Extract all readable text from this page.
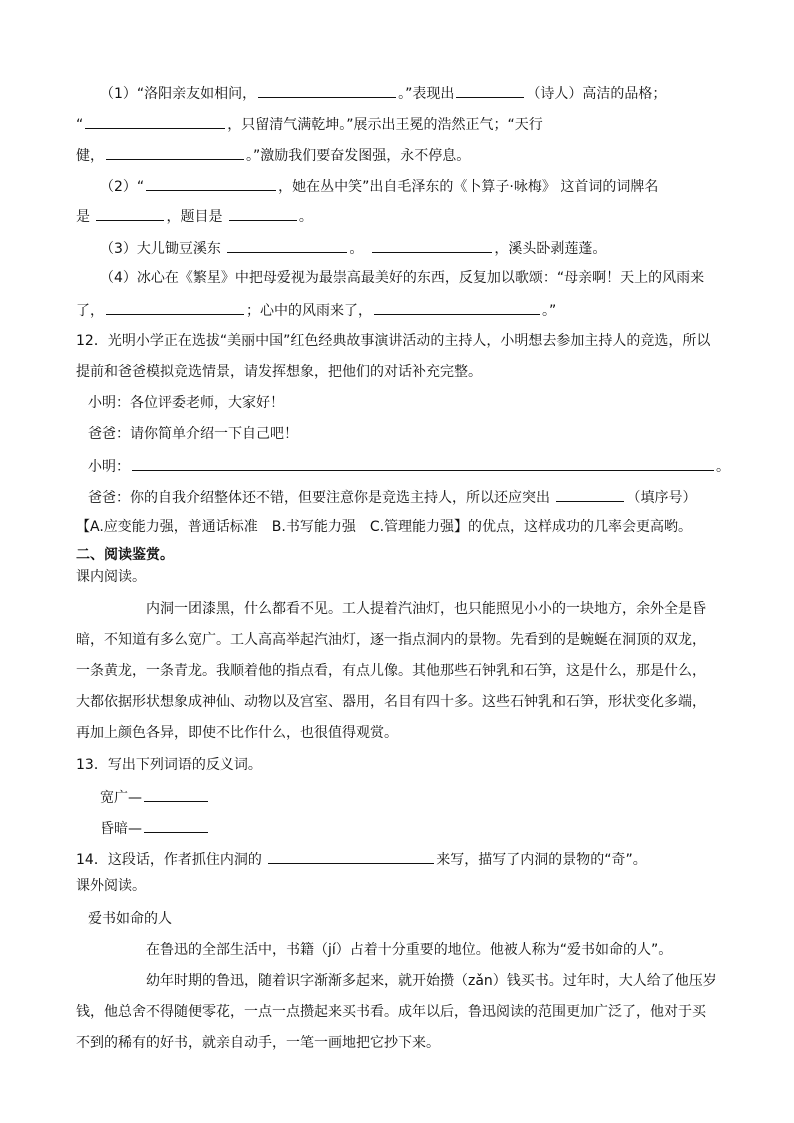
（1）“洛阳亲友如相问，	。”表现出	（诗人）高洁的品格；
“	，只留清气满乾坤。”展示出王冕的浩然正气；“天行
健，	。”激励我们要奋发图强，永不停息。
（2）“	，她在丛中笑”出自毛泽东的《卜算子·咏梅》 这首词的词牌名
是	，题目是	。
（3）大儿锄豆溪东	。　	，溪头卧剥莲蓬。
（4）冰心在《繁星》中把母爱视为最崇高最美好的东西，反复加以歌颂：“母亲啊！天上的风雨来
了，	；心中的风雨来了，	。”
12．光明小学正在选拔“美丽中国”红色经典故事演讲活动的主持人，小明想去参加主持人的竞选，所以
提前和爸爸模拟竞选情景，请发挥想象，把他们的对话补充完整。
小明：各位评委老师，大家好！
爸爸：请你简单介绍一下自己吧！
小明：	。
爸爸：你的自我介绍整体还不错，但要注意你是竞选主持人，所以还应突出	（填序号）
【A.应变能力强，普通话标准　B.书写能力强　C.管理能力强】的优点，这样成功的几率会更高哟。
二、阅读鉴赏。
课内阅读。
内洞一团漆黑，什么都看不见。工人提着汽油灯，也只能照见小小的一块地方，余外全是昏
暗，不知道有多么宽广。工人高高举起汽油灯，逐一指点洞内的景物。先看到的是蜿蜒在洞顶的双龙，
一条黄龙，一条青龙。我顺着他的指点看，有点儿像。其他那些石钟乳和石笋，这是什么，那是什么，
大都依据形状想象成神仙、动物以及宫室、器用，名目有四十多。这些石钟乳和石笋，形状变化多端，
再加上颜色各异，即使不比作什么，也很值得观赏。
13．写出下列词语的反义词。
宽广—
昏暗—
14．这段话，作者抓住内洞的	来写，描写了内洞的景物的“奇”。
课外阅读。
爱书如命的人
在鲁迅的全部生活中，书籍（jí）占着十分重要的地位。他被人称为“爱书如命的人”。
幼年时期的鲁迅，随着识字渐渐多起来，就开始攒（zǎn）钱买书。过年时，大人给了他压岁
钱，他总舍不得随便零花，一点一点攒起来买书看。成年以后，鲁迅阅读的范围更加广泛了，他对于买
不到的稀有的好书，就亲自动手，一笔一画地把它抄下来。
